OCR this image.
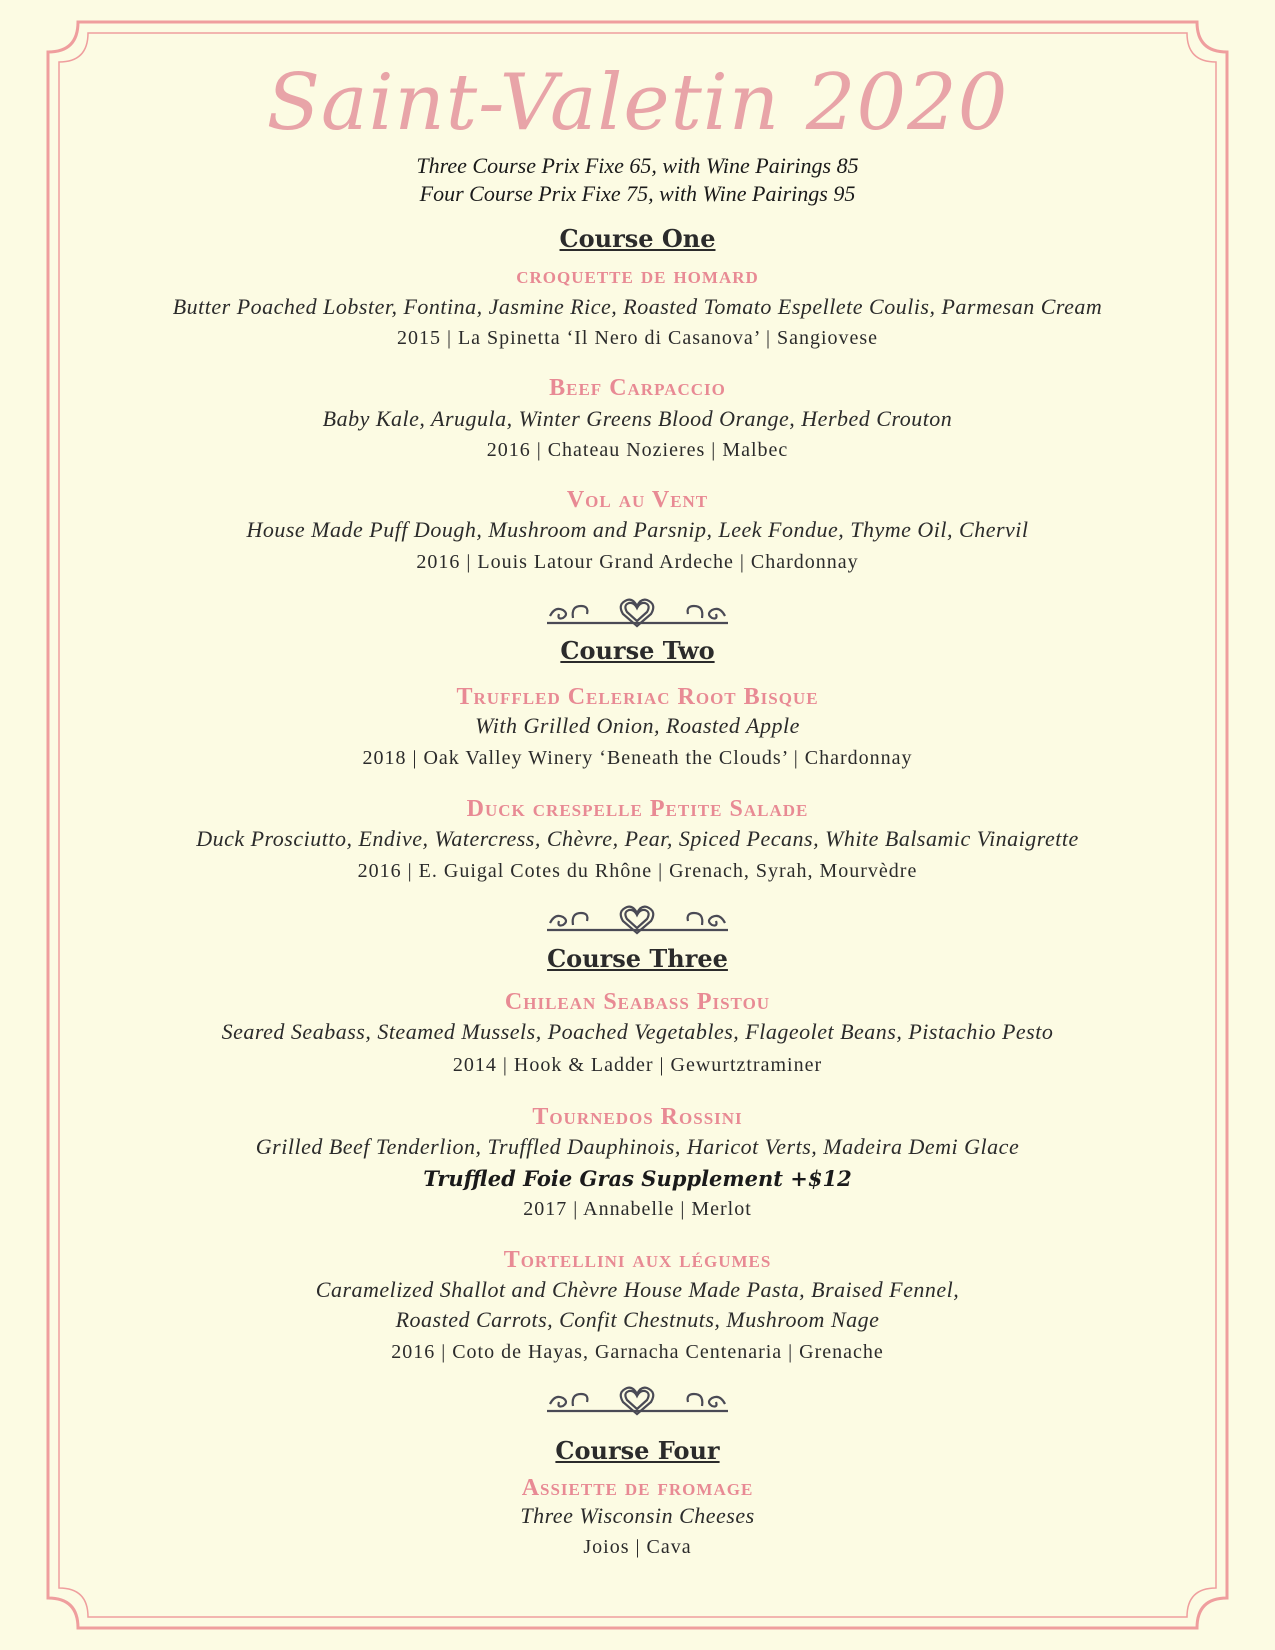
Saint-Valetin 2020
Three Course Prix Fixe 65, with Wine Pairings 85
Four Course Prix Fixe 75, with Wine Pairings 95
Course One
croquette de homard
Butter Poached Lobster, Fontina, Jasmine Rice, Roasted Tomato Espellete Coulis, Parmesan Cream
2015 | La Spinetta ‘Il Nero di Casanova’ | Sangiovese
Beef Carpaccio
Baby Kale, Arugula, Winter Greens Blood Orange, Herbed Crouton
2016 | Chateau Nozieres | Malbec
Vol au Vent
House Made Puff Dough, Mushroom and Parsnip, Leek Fondue, Thyme Oil, Chervil
2016 | Louis Latour Grand Ardeche | Chardonnay
Course Two
Truffled Celeriac Root Bisque
With Grilled Onion, Roasted Apple
2018 | Oak Valley Winery ‘Beneath the Clouds’ | Chardonnay
Duck crespelle Petite Salade
Duck Prosciutto, Endive, Watercress, Chèvre, Pear, Spiced Pecans, White Balsamic Vinaigrette
2016 | E. Guigal Cotes du Rhône | Grenach, Syrah, Mourvèdre
Course Three
Chilean Seabass Pistou
Seared Seabass, Steamed Mussels, Poached Vegetables, Flageolet Beans, Pistachio Pesto
2014 | Hook & Ladder | Gewurtztraminer
Tournedos Rossini
Grilled Beef Tenderlion, Truffled Dauphinois, Haricot Verts, Madeira Demi Glace
Truffled Foie Gras Supplement +$12
2017 | Annabelle | Merlot
Tortellini aux légumes
Caramelized Shallot and Chèvre House Made Pasta, Braised Fennel,
Roasted Carrots, Confit Chestnuts, Mushroom Nage
2016 | Coto de Hayas, Garnacha Centenaria | Grenache
Course Four
Assiette de fromage
Three Wisconsin Cheeses
Joios | Cava
